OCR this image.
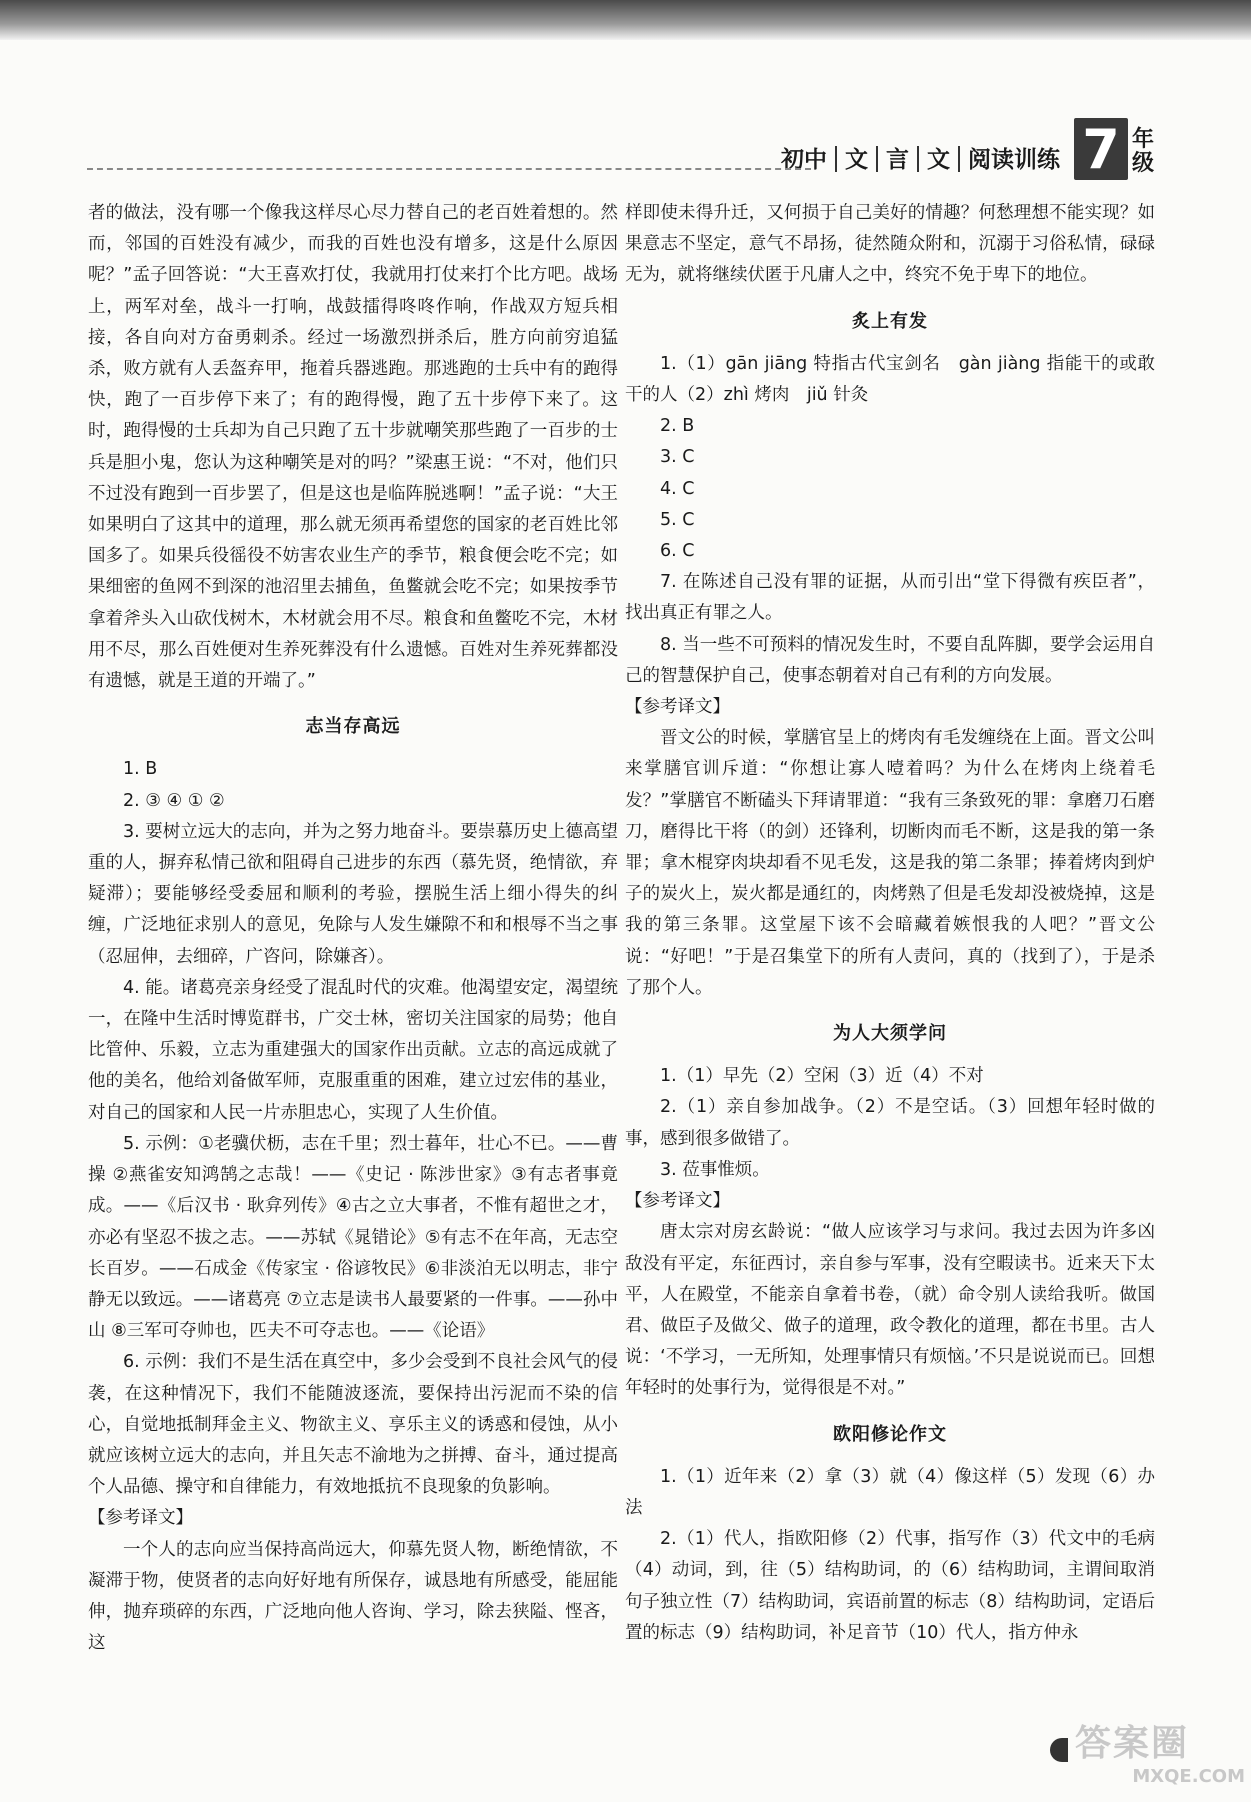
初中 文 言 文 阅读训练 7 年级

者的做法，没有哪一个像我这样尽心尽力替自己的老百姓着想的。然而，邻国的百姓没有减少，而我的百姓也没有增多，这是什么原因呢？”孟子回答说：“大王喜欢打仗，我就用打仗来打个比方吧。战场上，两军对垒，战斗一打响，战鼓擂得咚咚作响，作战双方短兵相接，各自向对方奋勇刺杀。经过一场激烈拼杀后，胜方向前穷追猛杀，败方就有人丢盔弃甲，拖着兵器逃跑。那逃跑的士兵中有的跑得快，跑了一百步停下来了；有的跑得慢，跑了五十步停下来了。这时，跑得慢的士兵却为自己只跑了五十步就嘲笑那些跑了一百步的士兵是胆小鬼，您认为这种嘲笑是对的吗？”梁惠王说：“不对，他们只不过没有跑到一百步罢了，但是这也是临阵脱逃啊！”孟子说：“大王如果明白了这其中的道理，那么就无须再希望您的国家的老百姓比邻国多了。如果兵役徭役不妨害农业生产的季节，粮食便会吃不完；如果细密的鱼网不到深的池沼里去捕鱼，鱼鳖就会吃不完；如果按季节拿着斧头入山砍伐树木，木材就会用不尽。粮食和鱼鳖吃不完，木材用不尽，那么百姓便对生养死葬没有什么遗憾。百姓对生养死葬都没有遗憾，就是王道的开端了。”

志当存高远

1. B

2. ③ ④ ① ②

3. 要树立远大的志向，并为之努力地奋斗。要崇慕历史上德高望重的人，摒弃私情己欲和阻碍自己进步的东西（慕先贤，绝情欲，弃疑滞）；要能够经受委屈和顺利的考验，摆脱生活上细小得失的纠缠，广泛地征求别人的意见，免除与人发生嫌隙不和和根辱不当之事（忍屈伸，去细碎，广咨问，除嫌吝）。

4. 能。诸葛亮亲身经受了混乱时代的灾难。他渴望安定，渴望统一，在隆中生活时博览群书，广交士林，密切关注国家的局势；他自比管仲、乐毅，立志为重建强大的国家作出贡献。立志的高远成就了他的美名，他给刘备做军师，克服重重的困难，建立过宏伟的基业，对自己的国家和人民一片赤胆忠心，实现了人生价值。

5. 示例：①老骥伏枥，志在千里；烈士暮年，壮心不已。——曹操 ②燕雀安知鸿鹄之志哉！——《史记 · 陈涉世家》③有志者事竟成。——《后汉书 · 耿弇列传》④古之立大事者，不惟有超世之才，亦必有坚忍不拔之志。——苏轼《晁错论》⑤有志不在年高，无志空长百岁。——石成金《传家宝 · 俗谚牧民》⑥非淡泊无以明志，非宁静无以致远。——诸葛亮 ⑦立志是读书人最要紧的一件事。——孙中山 ⑧三军可夺帅也，匹夫不可夺志也。——《论语》

6. 示例：我们不是生活在真空中，多少会受到不良社会风气的侵袭，在这种情况下，我们不能随波逐流，要保持出污泥而不染的信心，自觉地抵制拜金主义、物欲主义、享乐主义的诱惑和侵蚀，从小就应该树立远大的志向，并且矢志不渝地为之拼搏、奋斗，通过提高个人品德、操守和自律能力，有效地抵抗不良现象的负影响。

【参考译文】

一个人的志向应当保持高尚远大，仰慕先贤人物，断绝情欲，不凝滞于物，使贤者的志向好好地有所保存，诚恳地有所感受，能屈能伸，抛弃琐碎的东西，广泛地向他人咨询、学习，除去狭隘、悭吝，这

样即使未得升迁，又何损于自己美好的情趣？何愁理想不能实现？如果意志不坚定，意气不昂扬，徒然随众附和，沉溺于习俗私情，碌碌无为，就将继续伏匿于凡庸人之中，终究不免于卑下的地位。

炙上有发

1.（1）gān jiāng 特指古代宝剑名　gàn jiàng 指能干的或敢干的人（2）zhì 烤肉　jiǔ 针灸

2. B

3. C

4. C

5. C

6. C

7. 在陈述自己没有罪的证据，从而引出“堂下得微有疾臣者”，找出真正有罪之人。

8. 当一些不可预料的情况发生时，不要自乱阵脚，要学会运用自己的智慧保护自己，使事态朝着对自己有利的方向发展。

【参考译文】

晋文公的时候，掌膳官呈上的烤肉有毛发缠绕在上面。晋文公叫来掌膳官训斥道：“你想让寡人噎着吗？为什么在烤肉上绕着毛发？”掌膳官不断磕头下拜请罪道：“我有三条致死的罪：拿磨刀石磨刀，磨得比干将（的剑）还锋利，切断肉而毛不断，这是我的第一条罪；拿木棍穿肉块却看不见毛发，这是我的第二条罪；捧着烤肉到炉子的炭火上，炭火都是通红的，肉烤熟了但是毛发却没被烧掉，这是我的第三条罪。这堂屋下该不会暗藏着嫉恨我的人吧？”晋文公说：“好吧！”于是召集堂下的所有人责问，真的（找到了），于是杀了那个人。

为人大须学问

1.（1）早先（2）空闲（3）近（4）不对

2.（1）亲自参加战争。（2）不是空话。（3）回想年轻时做的事，感到很多做错了。

3. 莅事惟烦。

【参考译文】

唐太宗对房玄龄说：“做人应该学习与求问。我过去因为许多凶敌没有平定，东征西讨，亲自参与军事，没有空暇读书。近来天下太平，人在殿堂，不能亲自拿着书卷，（就）命令别人读给我听。做国君、做臣子及做父、做子的道理，政令教化的道理，都在书里。古人说：‘不学习，一无所知，处理事情只有烦恼。’不只是说说而已。回想年轻时的处事行为，觉得很是不对。”

欧阳修论作文

1.（1）近年来（2）拿（3）就（4）像这样（5）发现（6）办法

2.（1）代人，指欧阳修（2）代事，指写作（3）代文中的毛病（4）动词，到，往（5）结构助词，的（6）结构助词，主谓间取消句子独立性（7）结构助词，宾语前置的标志（8）结构助词，定语后置的标志（9）结构助词，补足音节（10）代人，指方仲永

答案圈
MXQE.COM
